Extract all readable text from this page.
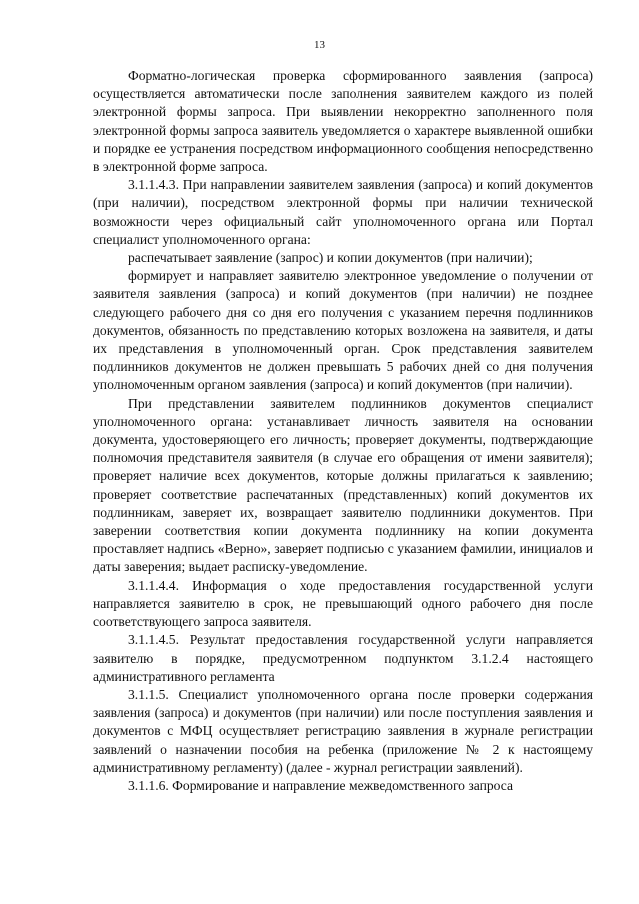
13

Форматно-логическая проверка сформированного заявления (запроса) осуществляется автоматически после заполнения заявителем каждого из полей электронной формы запроса. При выявлении некорректно заполненного поля электронной формы запроса заявитель уведомляется о характере выявленной ошибки и порядке ее устранения посредством информационного сообщения непосредственно в электронной форме запроса.

3.1.1.4.3. При направлении заявителем заявления (запроса) и копий документов (при наличии), посредством электронной формы при наличии технической возможности через официальный сайт уполномоченного органа или Портал специалист уполномоченного органа:

распечатывает заявление (запрос) и копии документов (при наличии);

формирует и направляет заявителю электронное уведомление о получении от заявителя заявления (запроса) и копий документов (при наличии) не позднее следующего рабочего дня со дня его получения с указанием перечня подлинников документов, обязанность по представлению которых возложена на заявителя, и даты их представления в уполномоченный орган. Срок представления заявителем подлинников документов не должен превышать 5 рабочих дней со дня получения уполномоченным органом заявления (запроса) и копий документов (при наличии).

При представлении заявителем подлинников документов специалист уполномоченного органа: устанавливает личность заявителя на основании документа, удостоверяющего его личность; проверяет документы, подтверждающие полномочия представителя заявителя (в случае его обращения от имени заявителя); проверяет наличие всех документов, которые должны прилагаться к заявлению; проверяет соответствие распечатанных (представленных) копий документов их подлинникам, заверяет их, возвращает заявителю подлинники документов. При заверении соответствия копии документа подлиннику на копии документа проставляет надпись «Верно», заверяет подписью с указанием фамилии, инициалов и даты заверения; выдает расписку-уведомление.

3.1.1.4.4. Информация о ходе предоставления государственной услуги направляется заявителю в срок, не превышающий одного рабочего дня после соответствующего запроса заявителя.

3.1.1.4.5. Результат предоставления государственной услуги направляется заявителю в порядке, предусмотренном подпунктом 3.1.2.4 настоящего административного регламента

3.1.1.5. Специалист уполномоченного органа после проверки содержания заявления (запроса) и документов (при наличии) или после поступления заявления и документов с МФЦ осуществляет регистрацию заявления в журнале регистрации заявлений о назначении пособия на ребенка (приложение № 2 к настоящему административному регламенту) (далее - журнал регистрации заявлений).

3.1.1.6. Формирование и направление межведомственного запроса
